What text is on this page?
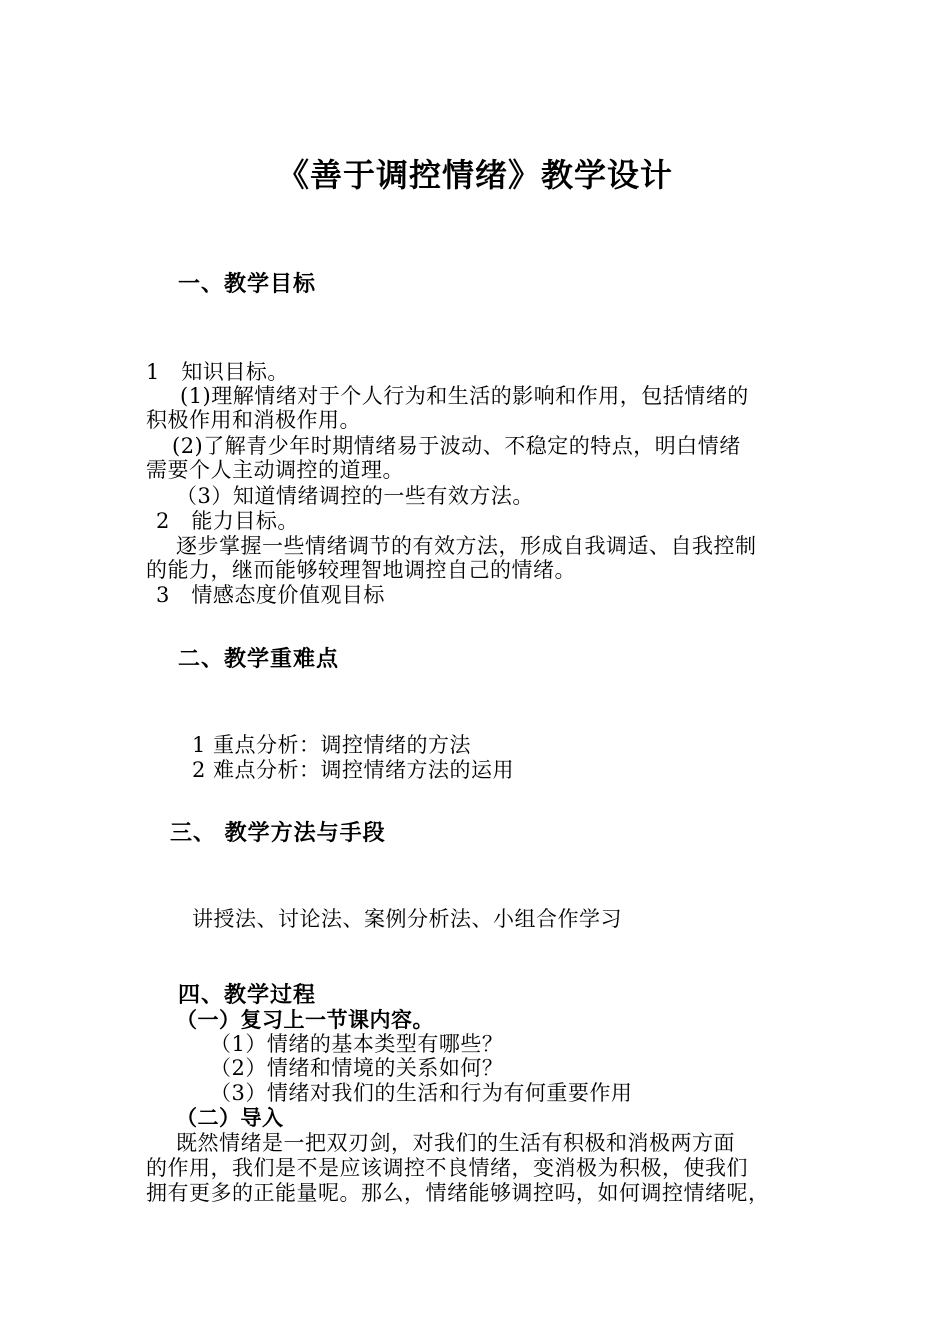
《善于调控情绪》教学设计
一、教学目标
1　知识目标。
(1)理解情绪对于个人行为和生活的影响和作用，包括情绪的
积极作用和消极作用。
(2)了解青少年时期情绪易于波动、不稳定的特点，明白情绪
需要个人主动调控的道理。
（3）知道情绪调控的一些有效方法。
2　能力目标。
逐步掌握一些情绪调节的有效方法，形成自我调适、自我控制
的能力，继而能够较理智地调控自己的情绪。
3　情感态度价值观目标
二、教学重难点
1 重点分析：调控情绪的方法
2 难点分析：调控情绪方法的运用
三、 教学方法与手段
讲授法、讨论法、案例分析法、小组合作学习
四、教学过程
（一）复习上一节课内容。
（1）情绪的基本类型有哪些？
（2）情绪和情境的关系如何？
（3）情绪对我们的生活和行为有何重要作用
（二）导入
既然情绪是一把双刃剑，对我们的生活有积极和消极两方面
的作用，我们是不是应该调控不良情绪，变消极为积极，使我们
拥有更多的正能量呢。那么，情绪能够调控吗，如何调控情绪呢，
